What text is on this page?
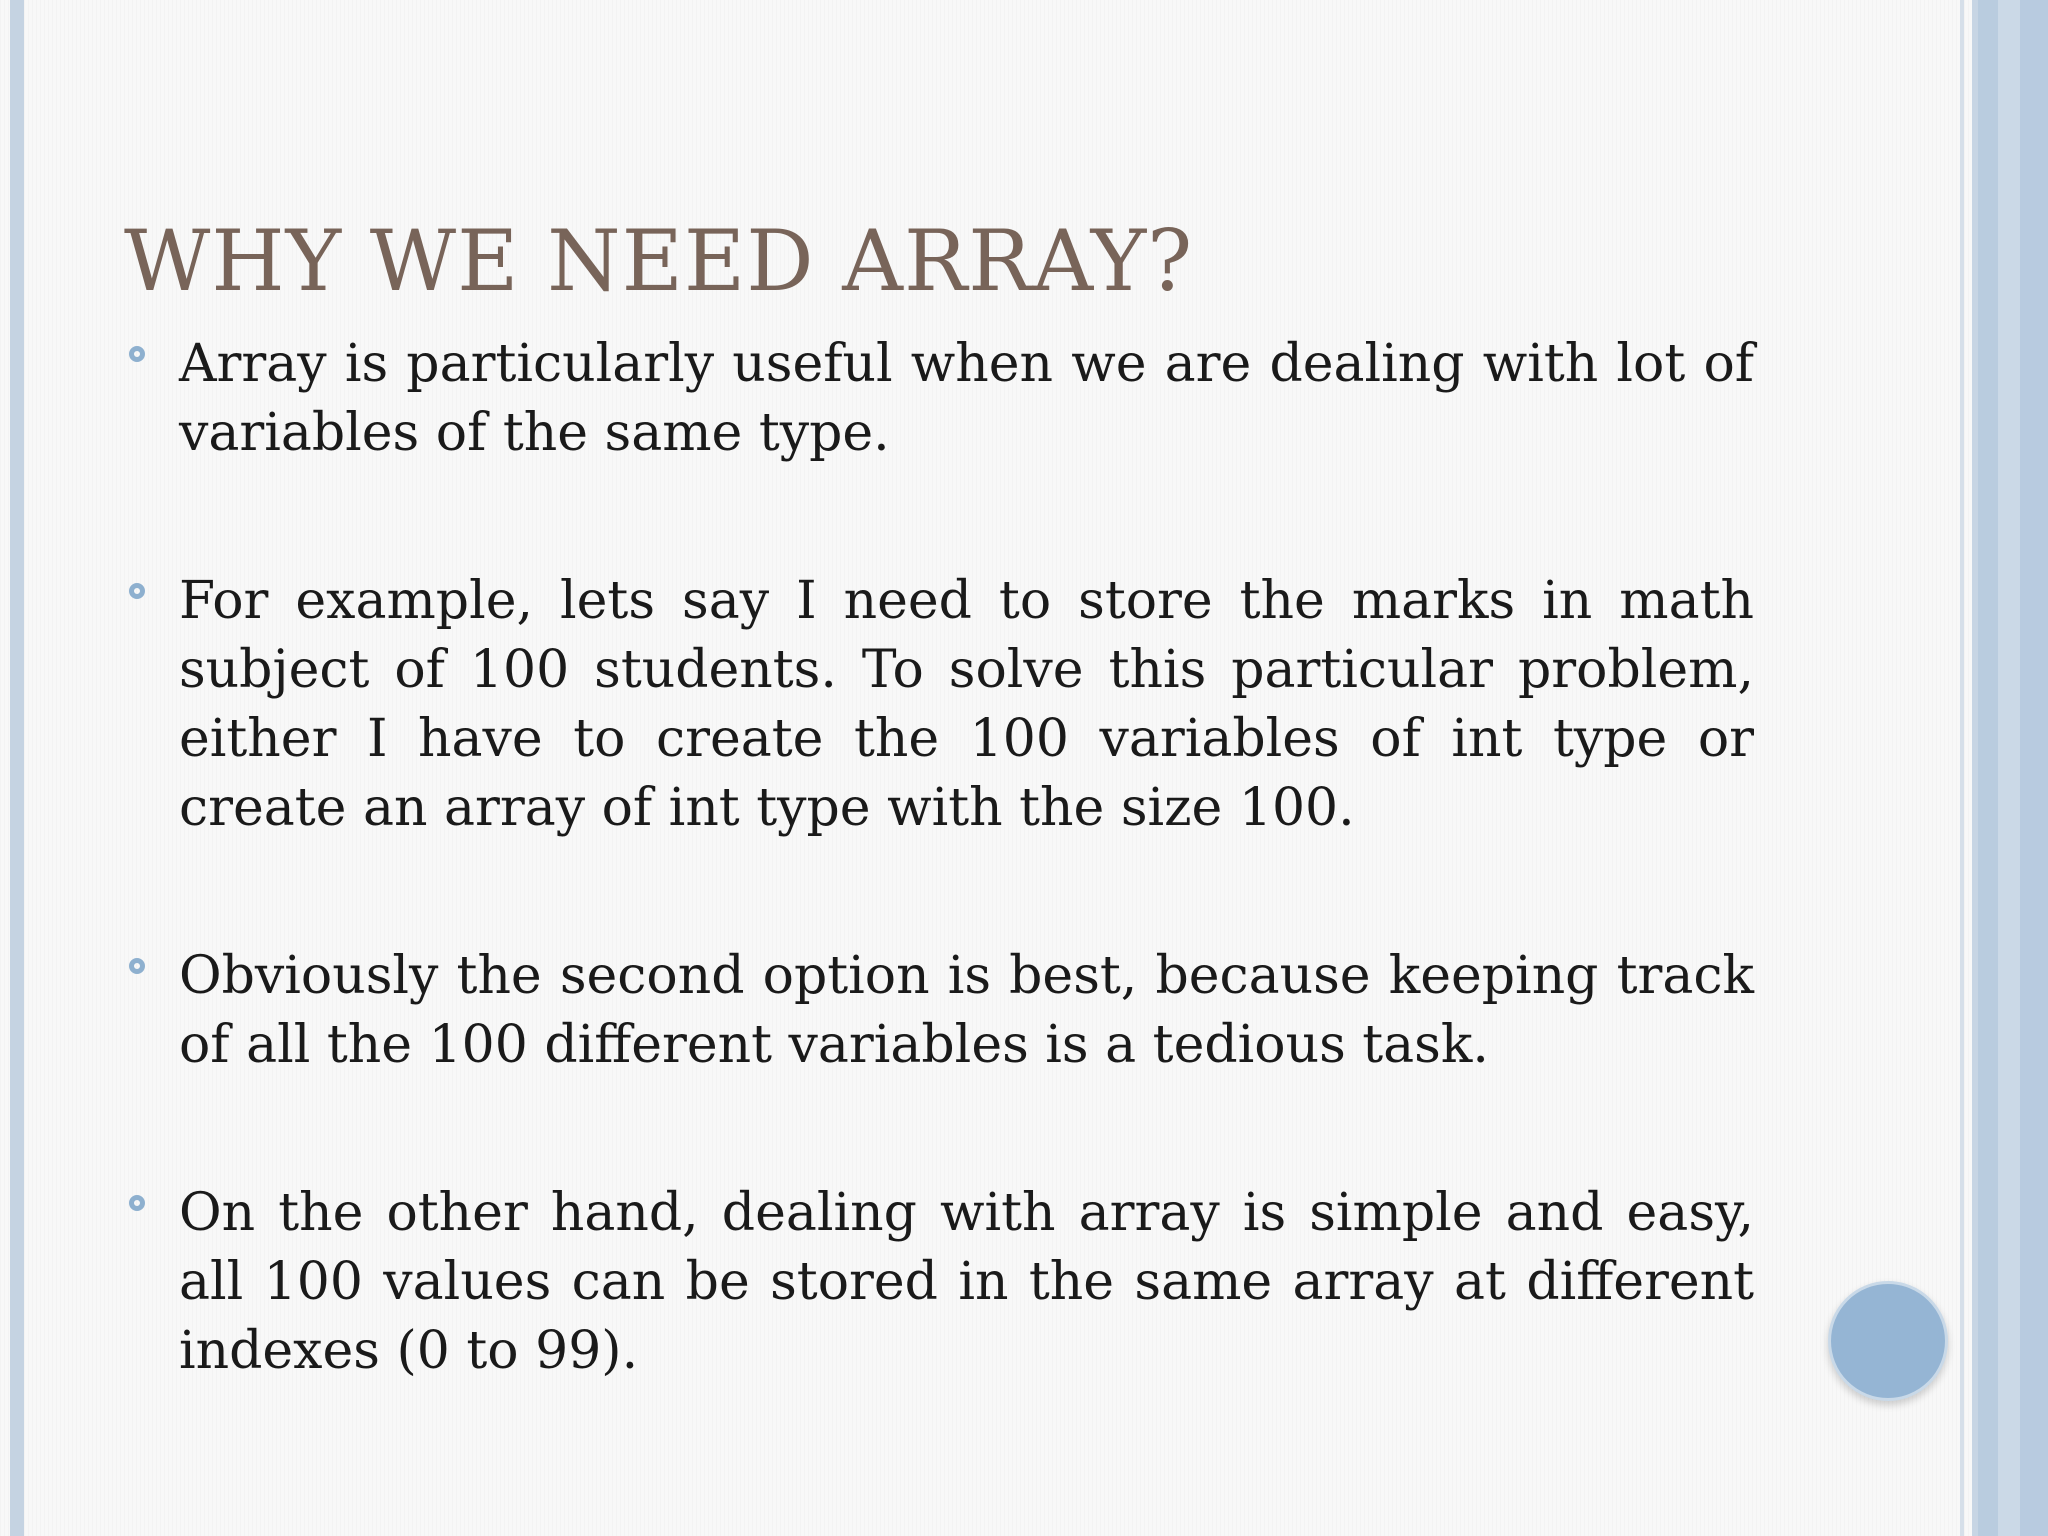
WHY WE NEED ARRAY?
Array is particularly useful when we are dealing with lot of variables of the same type.
For example, lets say I need to store the marks in math subject of 100 students. To solve this particular problem, either I have to create the 100 variables of int type or create an array of int type with the size 100.
Obviously the second option is best, because keeping track of all the 100 different variables is a tedious task.
On the other hand, dealing with array is simple and easy, all 100 values can be stored in the same array at different indexes (0 to 99).
